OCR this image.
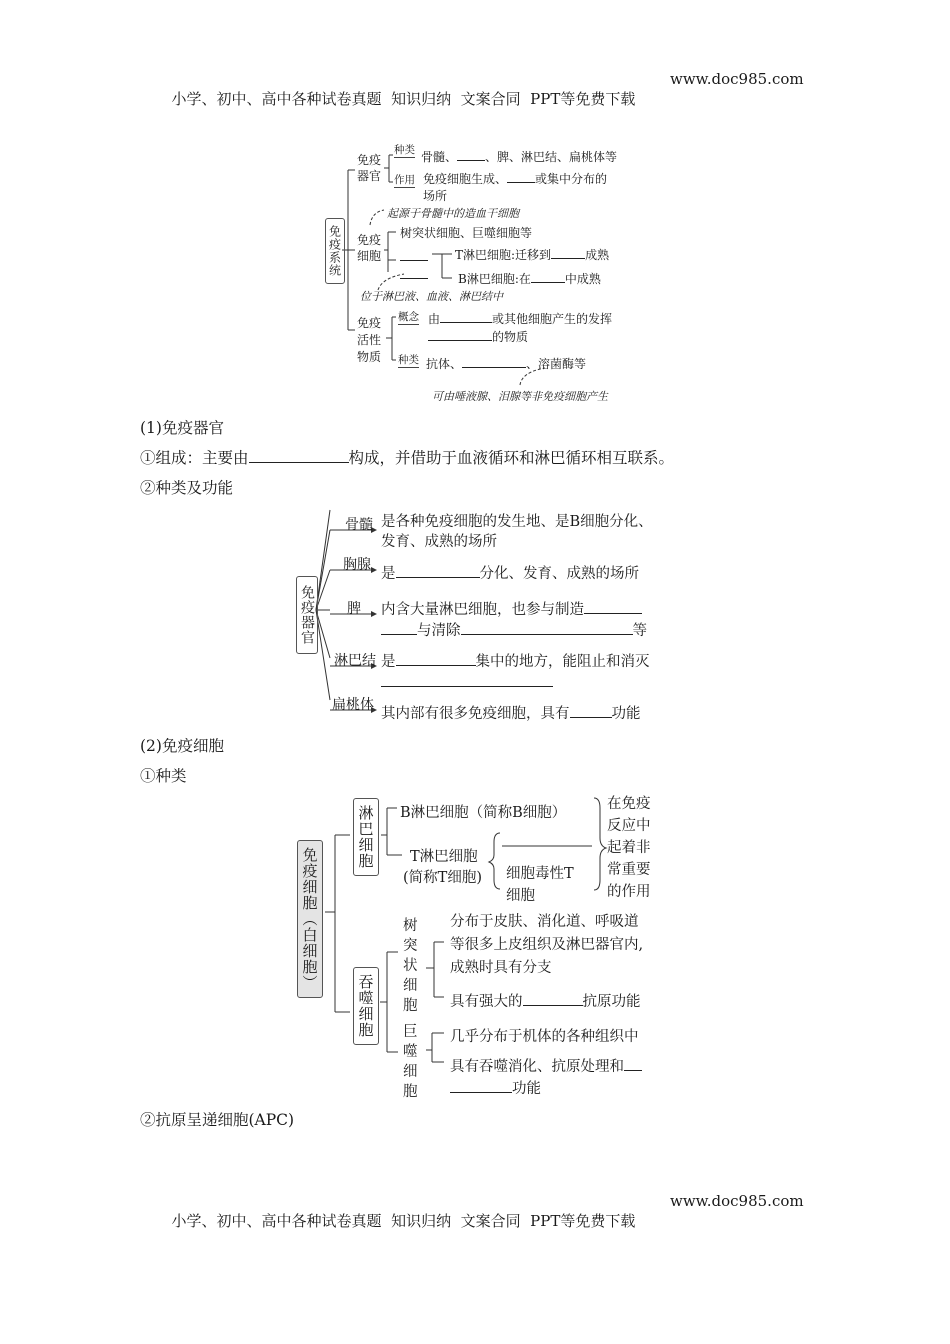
小学、初中、高中各种试卷真题  知识归纳  文案合同  PPT等免费下载

www.doc985.com
免疫系统
免疫器官
种类 骨髓、 、脾、淋巴结、扁桃体等
作用 免疫细胞生成、 或集中分布的
场所
起源于骨髓中的造血干细胞
免疫细胞
树突状细胞、巨噬细胞等
T淋巴细胞:迁移到	成熟
B淋巴细胞:在	中成熟
位于淋巴液、血液、淋巴结中
免疫活性物质
概念 由	或其他细胞产生的发挥
的物质
种类 抗体、	、溶菌酶等
可由唾液腺、泪腺等非免疫细胞产生
(1)免疫器官
①组成：主要由	构成，并借助于血液循环和淋巴循环相互联系。
②种类及功能
免疫器官
骨髓 是各种免疫细胞的发生地、是B细胞分化、
发育、成熟的场所
胸腺
是	分化、发育、成熟的场所
脾 内含大量淋巴细胞，也参与制造
与清除	等
淋巴结 是	集中的地方，能阻止和消灭
扁桃体
其内部有很多免疫细胞，具有	功能
(2)免疫细胞
①种类
免疫细胞（白细胞）
淋巴细胞 B淋巴细胞（简称B细胞）
T淋巴细胞
(简称T细胞) 细胞毒性T
细胞
在免疫
反应中
起着非
常重要
的作用
吞噬细胞
树突状细胞
分布于皮肤、消化道、呼吸道
等很多上皮组织及淋巴器官内,
成熟时具有分支
具有强大的	抗原功能
巨噬细胞
几乎分布于机体的各种组织中
具有吞噬消化、抗原处理和
功能
②抗原呈递细胞(APC)

小学、初中、高中各种试卷真题  知识归纳  文案合同  PPT等免费下载

www.doc985.com
